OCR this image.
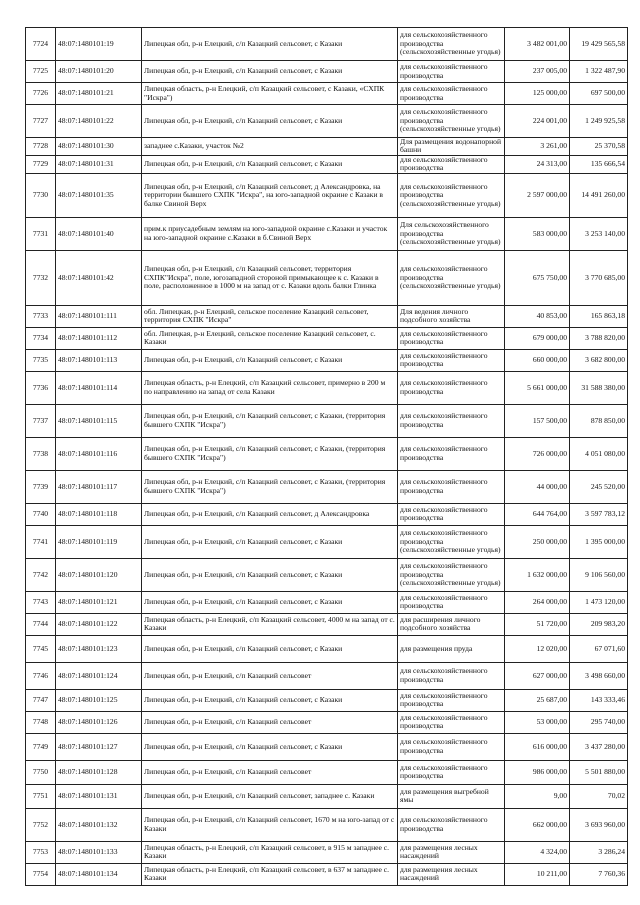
7724	48:07:1480101:19	Липецкая обл, р-н Елецкий, с/п Казацкий сельсовет, с Казаки	для сельскохозяйственного производства (сельскохозяйственные угодья)	3 482 001,00	19 429 565,58
7725	48:07:1480101:20	Липецкая обл, р-н Елецкий, с/п Казацкий сельсовет, с Казаки	для сельскохозяйственного производства	237 005,00	1 322 487,90
7726	48:07:1480101:21	Липецкая область, р-н Елецкий, с/п Казацкий сельсовет, с Казаки, «СХПК "Искра")	для сельскохозяйственного производства	125 000,00	697 500,00
7727	48:07:1480101:22	Липецкая обл, р-н Елецкий, с/п Казацкий сельсовет, с Казаки	для сельскохозяйственного производства (сельскохозяйственные угодья)	224 001,00	1 249 925,58
7728	48:07:1480101:30	западнее с.Казаки, участок №2	Для размещения водонапорной башни	3 261,00	25 370,58
7729	48:07:1480101:31	Липецкая обл, р-н Елецкий, с/п Казацкий сельсовет, с Казаки	для сельскохозяйственного производства	24 313,00	135 666,54
7730	48:07:1480101:35	Липецкая обл, р-н Елецкий, с/п Казацкий сельсовет, д Александровка, на территории бывшего СХПК "Искра", на юго-западной окраине с Казаки в балке Свиной Верх	для сельскохозяйственного производства (сельскохозяйственные угодья)	2 597 000,00	14 491 260,00
7731	48:07:1480101:40	прим.к приусадебным землям на юго-западной окраине с.Казаки и участок на юго-западной окраине с.Казаки в б.Свиной Верх	Для сельскохозяйственного производства (сельскохозяйственные угодья)	583 000,00	3 253 140,00
7732	48:07:1480101:42	Липецкая обл, р-н Елецкий, с/п Казацкий сельсовет, территория СХПК"Искра", поле, югозападной стороной примыкающее к с. Казаки в поле, расположенное в 1000 м на запад от с. Казаки вдоль балки Глинка	для сельскохозяйственного производства (сельскохозяйственные угодья)	675 750,00	3 770 685,00
7733	48:07:1480101:111	обл. Липецкая, р-н Елецкий, сельское поселение Казацкий сельсовет, территория СХПК "Искра"	Для ведения личного подсобного хозяйства	40 853,00	165 863,18
7734	48:07:1480101:112	обл. Липецкая, р-н Елецкий, сельское поселение Казацкий сельсовет, с. Казаки	для сельскохозяйственного производства	679 000,00	3 788 820,00
7735	48:07:1480101:113	Липецкая обл, р-н Елецкий, с/п Казацкий сельсовет, с Казаки	для сельскохозяйственного производства	660 000,00	3 682 800,00
7736	48:07:1480101:114	Липецкая область, р-н Елецкий, с/п Казацкий сельсовет, примерно в 200 м по направлению на запад от села Казаки	для сельскохозяйственного производства	5 661 000,00	31 588 380,00
7737	48:07:1480101:115	Липецкая обл, р-н Елецкий, с/п Казацкий сельсовет, с Казаки, (территория бывшего СХПК "Искра")	для сельскохозяйственного производства	157 500,00	878 850,00
7738	48:07:1480101:116	Липецкая обл, р-н Елецкий, с/п Казацкий сельсовет, с Казаки, (территория бывшего СХПК "Искра")	для сельскохозяйственного производства	726 000,00	4 051 080,00
7739	48:07:1480101:117	Липецкая обл, р-н Елецкий, с/п Казацкий сельсовет, с Казаки, (территория бывшего СХПК "Искра")	для сельскохозяйственного производства	44 000,00	245 520,00
7740	48:07:1480101:118	Липецкая обл, р-н Елецкий, с/п Казацкий сельсовет, д Александровка	для сельскохозяйственного производства	644 764,00	3 597 783,12
7741	48:07:1480101:119	Липецкая обл, р-н Елецкий, с/п Казацкий сельсовет, с Казаки	для сельскохозяйственного производства (сельскохозяйственные угодья)	250 000,00	1 395 000,00
7742	48:07:1480101:120	Липецкая обл, р-н Елецкий, с/п Казацкий сельсовет, с Казаки	для сельскохозяйственного производства (сельскохозяйственные угодья)	1 632 000,00	9 106 560,00
7743	48:07:1480101:121	Липецкая обл, р-н Елецкий, с/п Казацкий сельсовет, с Казаки	для сельскохозяйственного производства	264 000,00	1 473 120,00
7744	48:07:1480101:122	Липецкая область, р-н Елецкий, с/п Казацкий сельсовет, 4000 м на запад от с. Казаки	для расширения личного подсобного хозяйства	51 720,00	209 983,20
7745	48:07:1480101:123	Липецкая обл, р-н Елецкий, с/п Казацкий сельсовет, с Казаки	для размещения пруда	12 020,00	67 071,60
7746	48:07:1480101:124	Липецкая обл, р-н Елецкий, с/п Казацкий сельсовет	для сельскохозяйственного производства	627 000,00	3 498 660,00
7747	48:07:1480101:125	Липецкая обл, р-н Елецкий, с/п Казацкий сельсовет, с Казаки	для сельскохозяйственного производства	25 687,00	143 333,46
7748	48:07:1480101:126	Липецкая обл, р-н Елецкий, с/п Казацкий сельсовет	для сельскохозяйственного производства	53 000,00	295 740,00
7749	48:07:1480101:127	Липецкая обл, р-н Елецкий, с/п Казацкий сельсовет, с Казаки	для сельскохозяйственного производства	616 000,00	3 437 280,00
7750	48:07:1480101:128	Липецкая обл, р-н Елецкий, с/п Казацкий сельсовет	для сельскохозяйственного производства	986 000,00	5 501 880,00
7751	48:07:1480101:131	Липецкая обл, р-н Елецкий, с/п Казацкий сельсовет, западнее с. Казаки	для размещения выгребной ямы	9,00	70,02
7752	48:07:1480101:132	Липецкая обл, р-н Елецкий, с/п Казацкий сельсовет, 1670 м на юго-запад от с Казаки	для сельскохозяйственного производства	662 000,00	3 693 960,00
7753	48:07:1480101:133	Липецкая область, р-н Елецкий, с/п Казацкий сельсовет, в 915 м западнее с. Казаки	для размещения лесных насаждений	4 324,00	3 286,24
7754	48:07:1480101:134	Липецкая область, р-н Елецкий, с/п Казацкий сельсовет, в 637 м западнее с. Казаки	для размещения лесных насаждений	10 211,00	7 760,36
